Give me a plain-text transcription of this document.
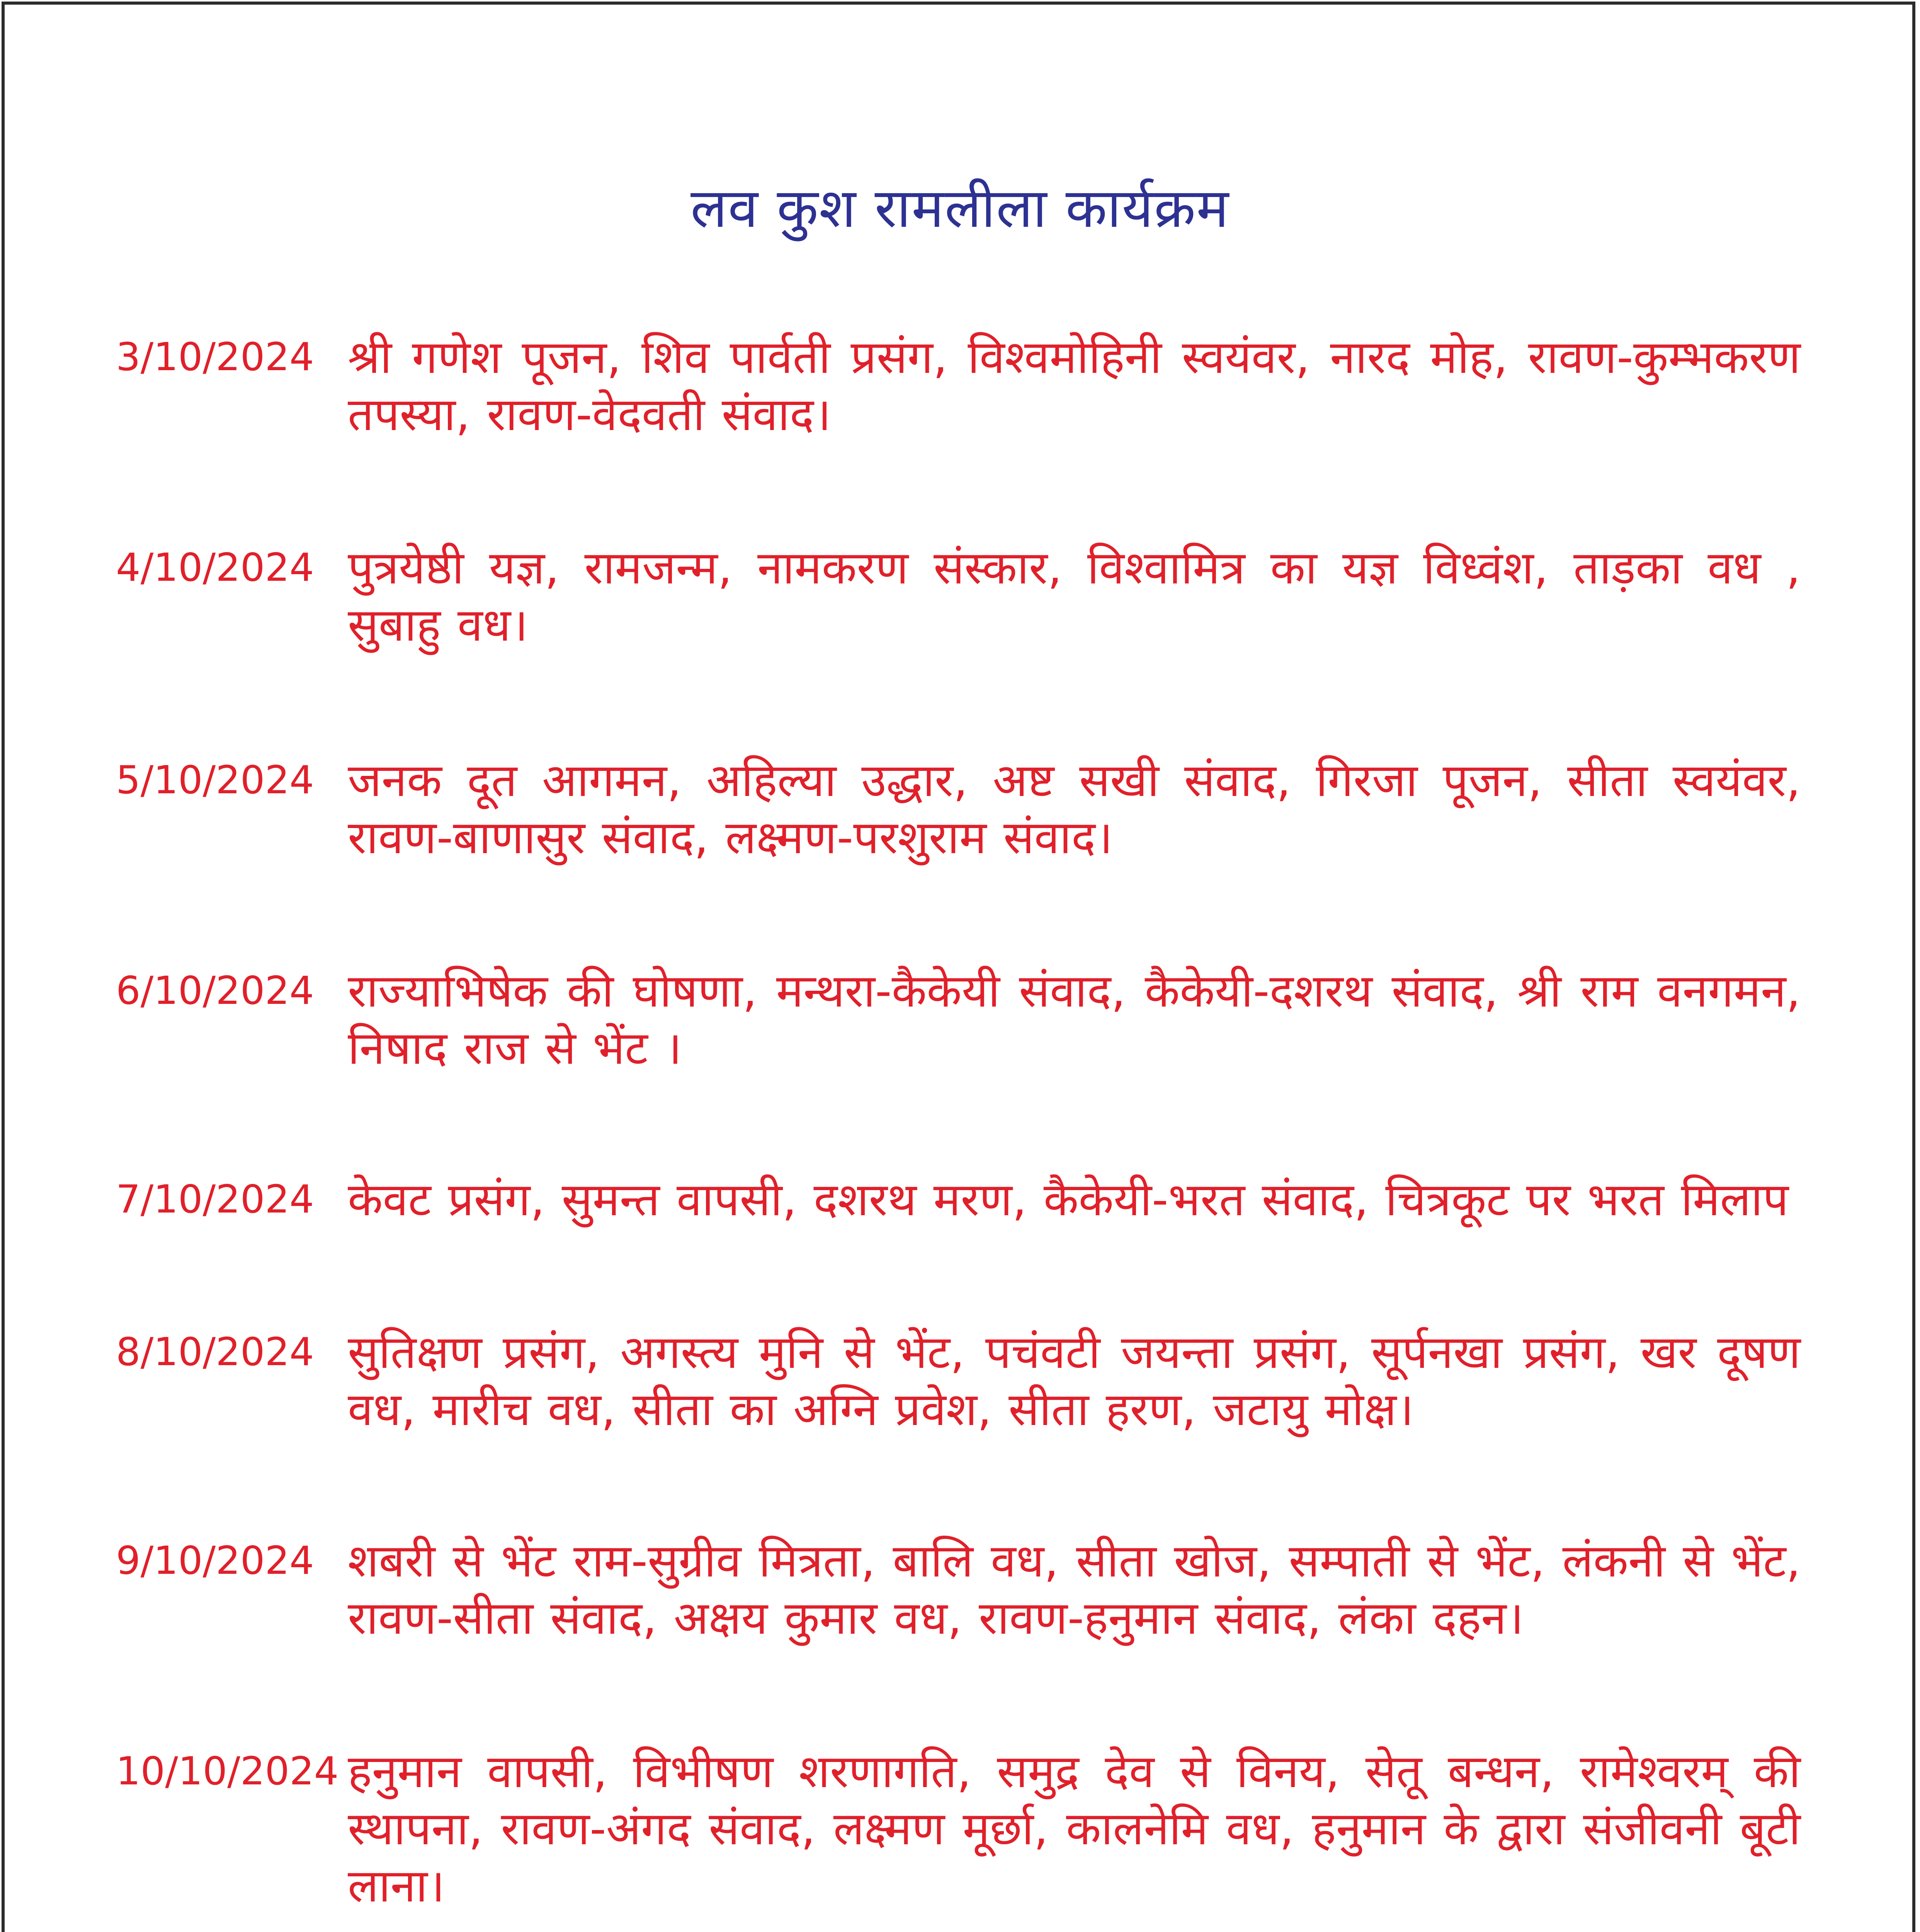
लव कुश रामलीला कार्यक्रम
3/10/2024 श्री गणेश पूजन, शिव पार्वती प्रसंग, विश्वमोहिनी स्वयंवर, नारद मोह, रावण-कुम्भकरण तपस्या, रावण-वेदवती संवाद।
4/10/2024 पुत्रयेष्ठी यज्ञ, रामजन्म, नामकरण संस्कार, विश्वामित्र का यज्ञ विध्वंश, ताड़का वध , सुबाहु वध।
5/10/2024 जनक दूत आगमन, अहिल्या उद्धार, अष्ट सखी संवाद, गिरजा पूजन, सीता स्वयंवर, रावण-बाणासुर संवाद, लक्ष्मण-परशुराम संवाद।
6/10/2024 राज्याभिषेक की घोषणा, मन्थरा-कैकेयी संवाद, कैकेयी-दशरथ संवाद, श्री राम वनगमन, निषाद राज से भेंट ।
7/10/2024 केवट प्रसंग, सुमन्त वापसी, दशरथ मरण, कैकेयी-भरत संवाद, चित्रकूट पर भरत मिलाप
8/10/2024 सुतिक्षण प्रसंग, अगस्त्य मुनि से भेंट, पचंवटी जयन्ता प्रसंग, सूर्पनखा प्रसंग, खर दूषण वध, मारीच वध, सीता का अग्नि प्रवेश, सीता हरण, जटायु मोक्ष।
9/10/2024 शबरी से भेंट राम-सुग्रीव मित्रता, बालि वध, सीता खोज, सम्पाती से भेंट, लंकनी से भेंट, रावण-सीता संवाद, अक्षय कुमार वध, रावण-हनुमान संवाद, लंका दहन।
10/10/2024 हनुमान वापसी, विभीषण शरणागति, समुद्र देव से विनय, सेतू बन्धन, रामेश्वरम् की स्थापना, रावण-अंगद संवाद, लक्ष्मण मूर्छा, कालनेमि वध, हनुमान के द्वारा संजीवनी बूटी लाना।
